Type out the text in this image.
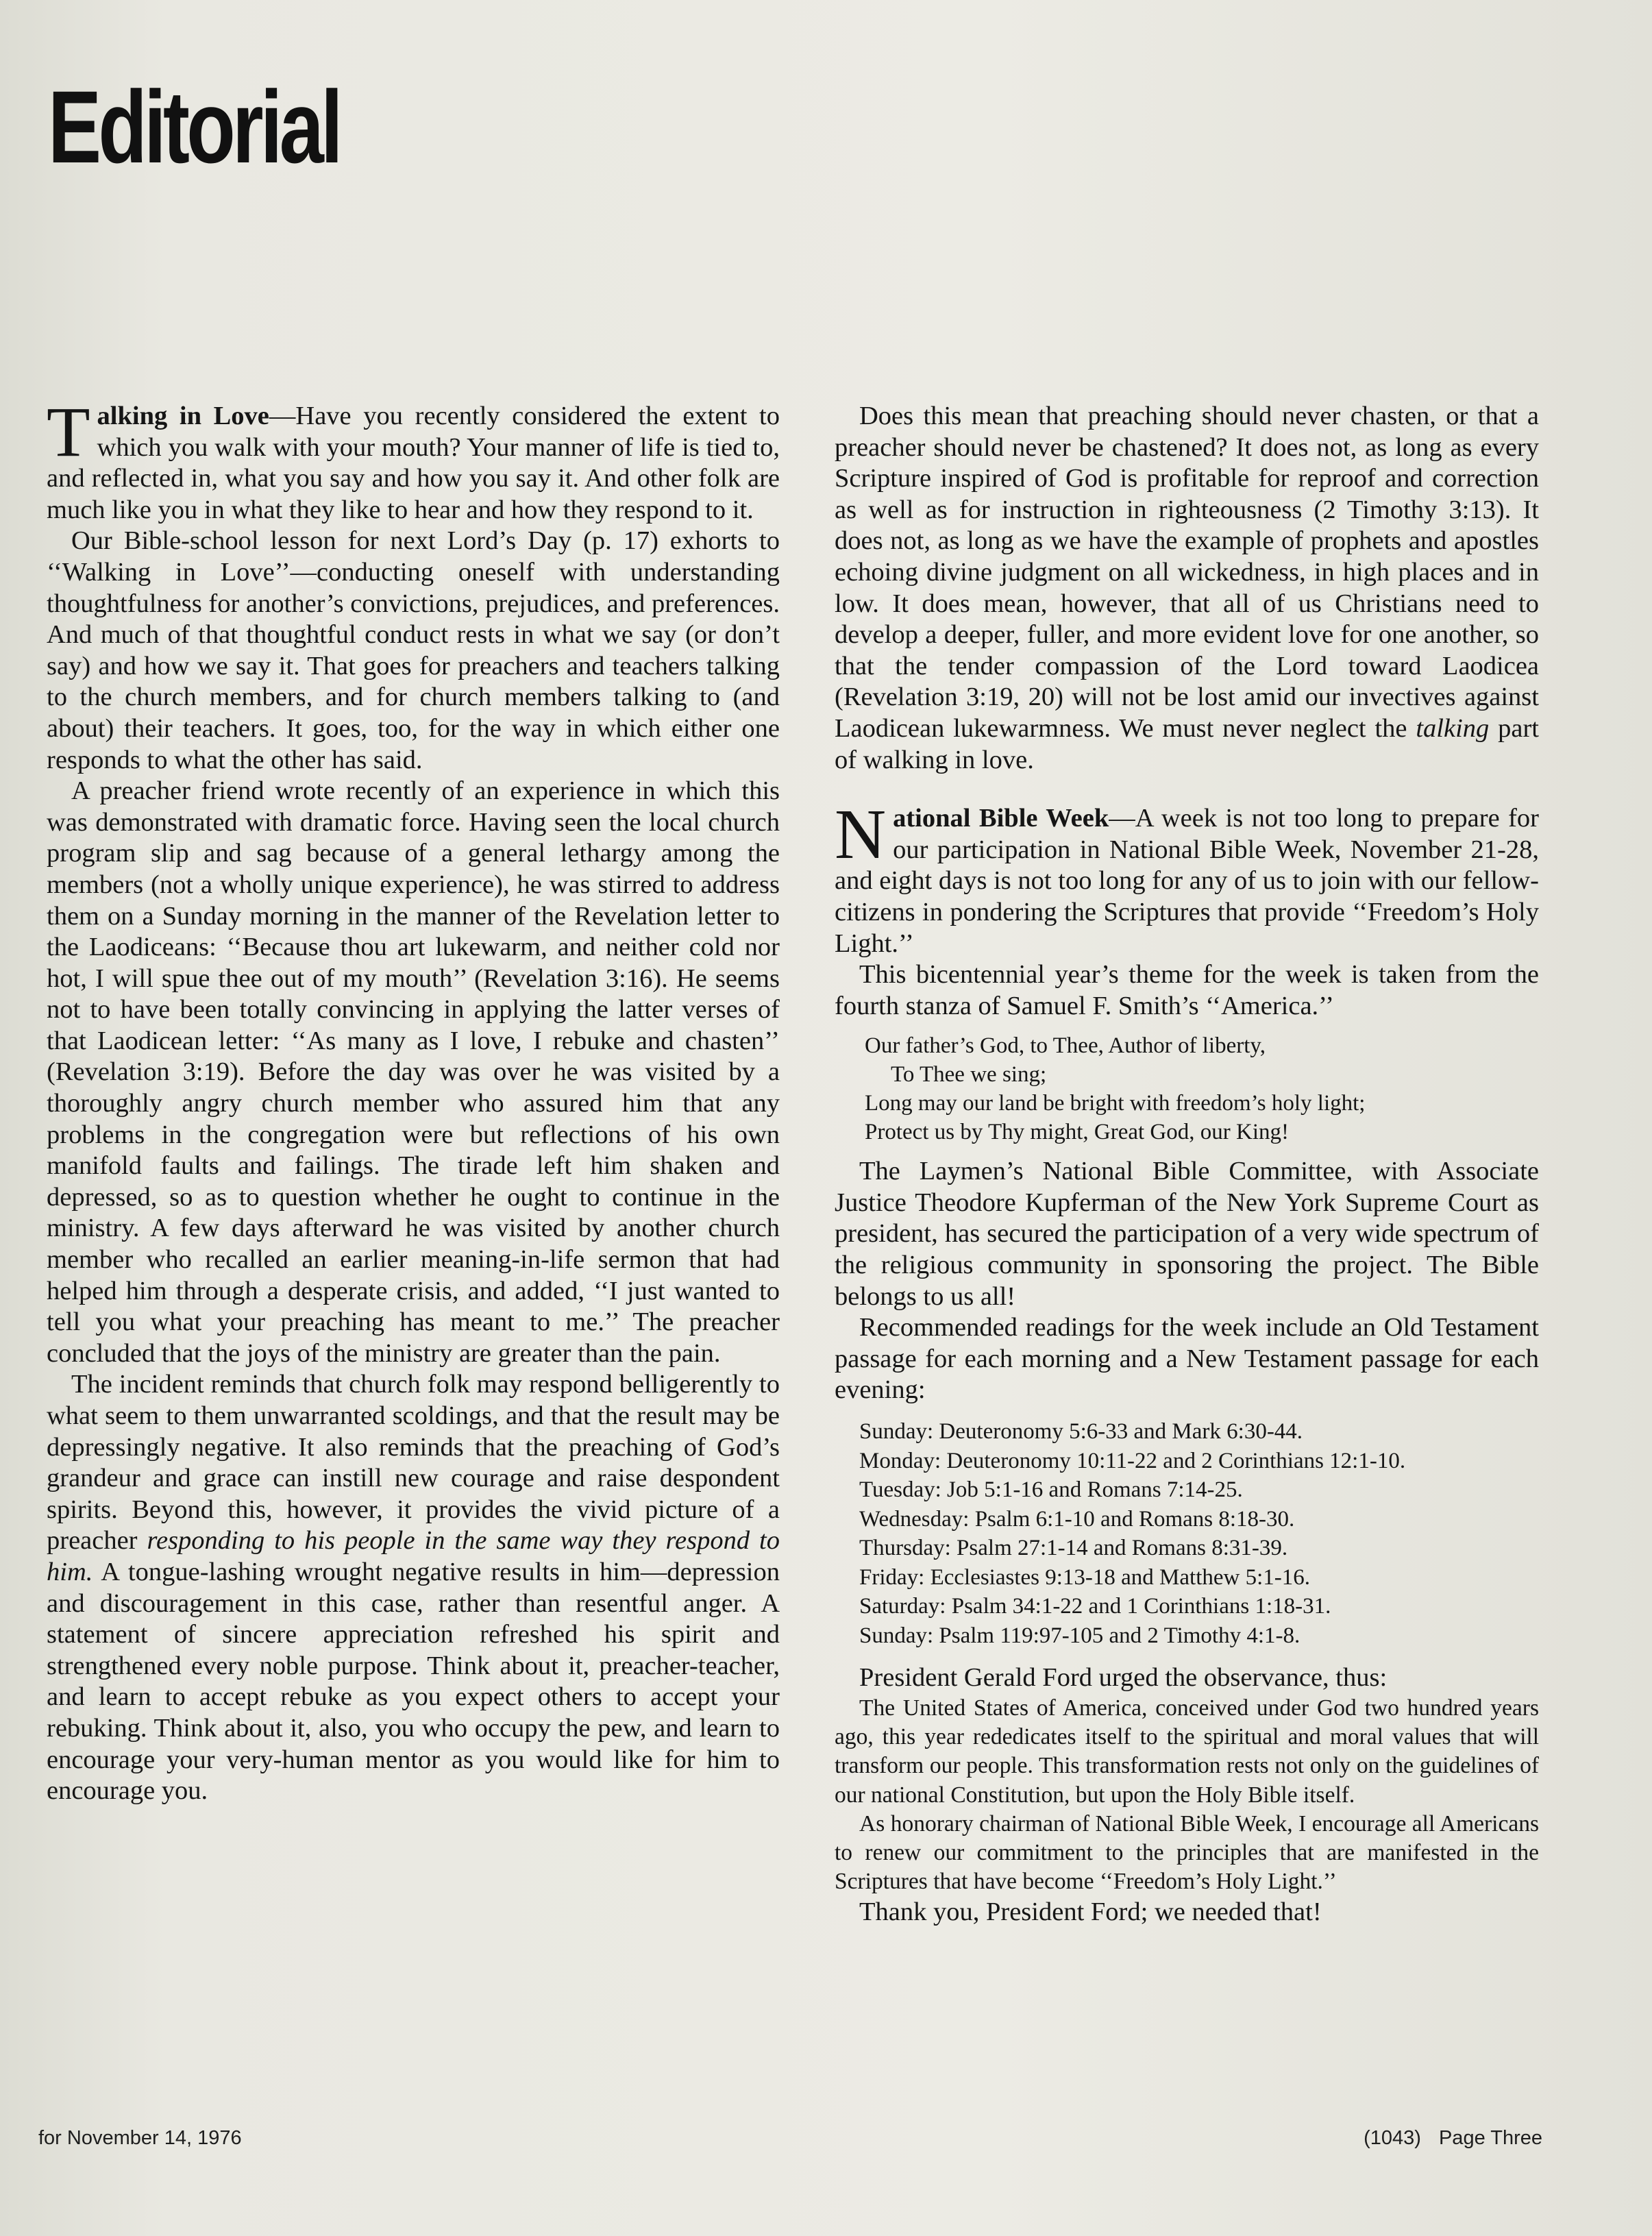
Editorial

Talking in Love—Have you recently considered the extent to which you walk with your mouth? Your manner of life is tied to, and reflected in, what you say and how you say it. And other folk are much like you in what they like to hear and how they respond to it.

Our Bible-school lesson for next Lord’s Day (p. 17) exhorts to ‘‘Walking in Love’’—conducting oneself with understanding thoughtfulness for another’s convictions, prejudices, and preferences. And much of that thoughtful conduct rests in what we say (or don’t say) and how we say it. That goes for preachers and teachers talking to the church members, and for church members talking to (and about) their teachers. It goes, too, for the way in which either one responds to what the other has said.

A preacher friend wrote recently of an experience in which this was demonstrated with dramatic force. Having seen the local church program slip and sag because of a general lethargy among the members (not a wholly unique experience), he was stirred to address them on a Sunday morning in the manner of the Revelation letter to the Laodiceans: ‘‘Because thou art lukewarm, and neither cold nor hot, I will spue thee out of my mouth’’ (Revelation 3:16). He seems not to have been totally convincing in applying the latter verses of that Laodicean letter: ‘‘As many as I love, I rebuke and chasten’’ (Revelation 3:19). Before the day was over he was visited by a thoroughly angry church member who assured him that any problems in the congregation were but reflections of his own manifold faults and failings. The tirade left him shaken and depressed, so as to question whether he ought to continue in the ministry. A few days afterward he was visited by another church member who recalled an earlier meaning-in-life sermon that had helped him through a desperate crisis, and added, ‘‘I just wanted to tell you what your preaching has meant to me.’’ The preacher concluded that the joys of the ministry are greater than the pain.

The incident reminds that church folk may respond belligerently to what seem to them unwarranted scoldings, and that the result may be depressingly negative. It also reminds that the preaching of God’s grandeur and grace can instill new courage and raise despondent spirits. Beyond this, however, it provides the vivid picture of a preacher responding to his people in the same way they respond to him. A tongue-lashing wrought negative results in him—depression and discouragement in this case, rather than resentful anger. A statement of sincere appreciation refreshed his spirit and strengthened every noble purpose. Think about it, preacher-teacher, and learn to accept rebuke as you expect others to accept your rebuking. Think about it, also, you who occupy the pew, and learn to encourage your very-human mentor as you would like for him to encourage you.

Does this mean that preaching should never chasten, or that a preacher should never be chastened? It does not, as long as every Scripture inspired of God is profitable for reproof and correction as well as for instruction in righteousness (2 Timothy 3:13). It does not, as long as we have the example of prophets and apostles echoing divine judgment on all wickedness, in high places and in low. It does mean, however, that all of us Christians need to develop a deeper, fuller, and more evident love for one another, so that the tender compassion of the Lord toward Laodicea (Revelation 3:19, 20) will not be lost amid our invectives against Laodicean lukewarmness. We must never neglect the talking part of walking in love.

National Bible Week—A week is not too long to prepare for our participation in National Bible Week, November 21-28, and eight days is not too long for any of us to join with our fellow-citizens in pondering the Scriptures that provide ‘‘Freedom’s Holy Light.’’

This bicentennial year’s theme for the week is taken from the fourth stanza of Samuel F. Smith’s ‘‘America.’’

Our father’s God, to Thee, Author of liberty,
To Thee we sing;
Long may our land be bright with freedom’s holy light;
Protect us by Thy might, Great God, our King!

The Laymen’s National Bible Committee, with Associate Justice Theodore Kupferman of the New York Supreme Court as president, has secured the participation of a very wide spectrum of the religious community in sponsoring the project. The Bible belongs to us all!

Recommended readings for the week include an Old Testament passage for each morning and a New Testament passage for each evening:

Sunday: Deuteronomy 5:6-33 and Mark 6:30-44.
Monday: Deuteronomy 10:11-22 and 2 Corinthians 12:1-10.
Tuesday: Job 5:1-16 and Romans 7:14-25.
Wednesday: Psalm 6:1-10 and Romans 8:18-30.
Thursday: Psalm 27:1-14 and Romans 8:31-39.
Friday: Ecclesiastes 9:13-18 and Matthew 5:1-16.
Saturday: Psalm 34:1-22 and 1 Corinthians 1:18-31.
Sunday: Psalm 119:97-105 and 2 Timothy 4:1-8.

President Gerald Ford urged the observance, thus:

The United States of America, conceived under God two hundred years ago, this year rededicates itself to the spiritual and moral values that will transform our people. This transformation rests not only on the guidelines of our national Constitution, but upon the Holy Bible itself.

As honorary chairman of National Bible Week, I encourage all Americans to renew our commitment to the principles that are manifested in the Scriptures that have become ‘‘Freedom’s Holy Light.’’

Thank you, President Ford; we needed that!

for November 14, 1976	(1043) Page Three
